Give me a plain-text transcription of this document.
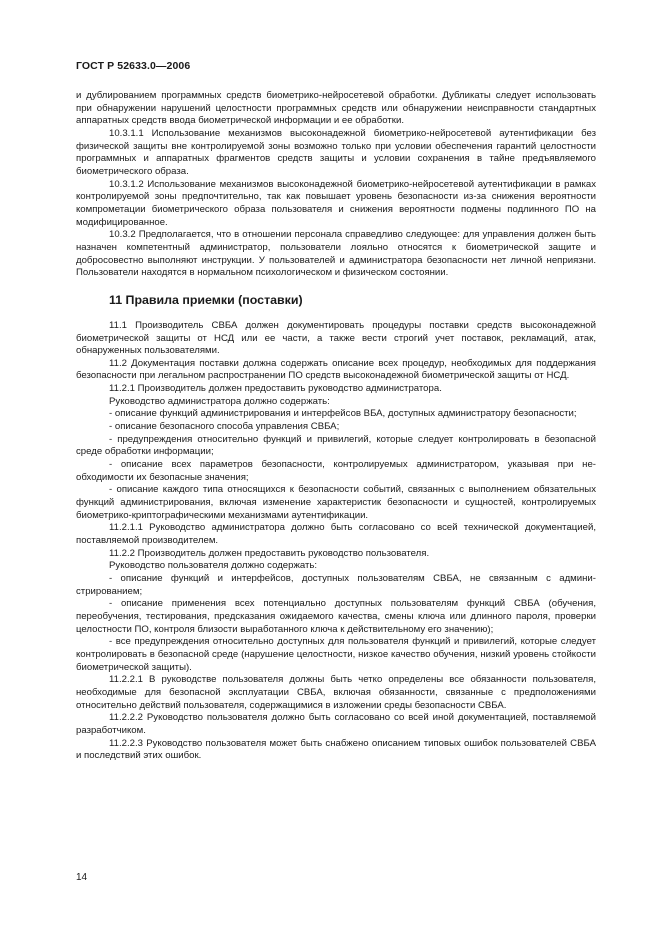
ГОСТ Р 52633.0—2006

и дублированием программных средств биометрико-нейросетевой обработки. Дубликаты следует использовать при обнаружении нарушений целостности программных средств или обнаружении неисправности стандартных аппаратных средств ввода биометрической информации и ее обработки.

10.3.1.1 Использование механизмов высоконадежной биометрико-нейросетевой аутентификации без физической защиты вне контролируемой зоны возможно только при условии обеспечения гарантий целостности программных и аппаратных фрагментов средств защиты и условии сохранения в тайне предъявляемого биометрического образа.

10.3.1.2 Использование механизмов высоконадежной биометрико-нейросетевой аутентификации в рамках контролируемой зоны предпочтительно, так как повышает уровень безопасности из-за снижения вероятности компрометации биометрического образа пользователя и снижения вероятности подмены подлинного ПО на модифицированное.

10.3.2 Предполагается, что в отношении персонала справедливо следующее: для управления должен быть назначен компетентный администратор, пользователи лояльно относятся к биометрической защите и добросовестно выполняют инструкции. У пользователей и администратора безопасности нет личной неприязни. Пользователи находятся в нормальном психологическом и физическом состоянии.

11 Правила приемки (поставки)

11.1 Производитель СВБА должен документировать процедуры поставки средств высоконадежной биометрической защиты от НСД или ее части, а также вести строгий учет поставок, рекламаций, атак, обнаруженных пользователями.

11.2 Документация поставки должна содержать описание всех процедур, необходимых для поддержания безопасности при легальном распространении ПО средств высоконадежной биометрической защиты от НСД.

11.2.1 Производитель должен предоставить руководство администратора.

Руководство администратора должно содержать:

- описание функций администрирования и интерфейсов ВБА, доступных администратору безопасности;

- описание безопасного способа управления СВБА;

- предупреждения относительно функций и привилегий, которые следует контролировать в безопасной среде обработки информации;

- описание всех параметров безопасности, контролируемых администратором, указывая при необходимости их безопасные значения;

- описание каждого типа относящихся к безопасности событий, связанных с выполнением обязательных функций администрирования, включая изменение характеристик безопасности и сущностей, контролируемых биометрико-криптографическими механизмами аутентификации.

11.2.1.1 Руководство администратора должно быть согласовано со всей технической документацией, поставляемой производителем.

11.2.2 Производитель должен предоставить руководство пользователя.

Руководство пользователя должно содержать:

- описание функций и интерфейсов, доступных пользователям СВБА, не связанным с администрированием;

- описание применения всех потенциально доступных пользователям функций СВБА (обучения, переобучения, тестирования, предсказания ожидаемого качества, смены ключа или длинного пароля, проверки целостности ПО, контроля близости выработанного ключа к действительному его значению);

- все предупреждения относительно доступных для пользователя функций и привилегий, которые следует контролировать в безопасной среде (нарушение целостности, низкое качество обучения, низкий уровень стойкости биометрической защиты).

11.2.2.1 В руководстве пользователя должны быть четко определены все обязанности пользователя, необходимые для безопасной эксплуатации СВБА, включая обязанности, связанные с предположениями относительно действий пользователя, содержащимися в изложении среды безопасности СВБА.

11.2.2.2 Руководство пользователя должно быть согласовано со всей иной документацией, поставляемой разработчиком.

11.2.2.3 Руководство пользователя может быть снабжено описанием типовых ошибок пользователей СВБА и последствий этих ошибок.

14
